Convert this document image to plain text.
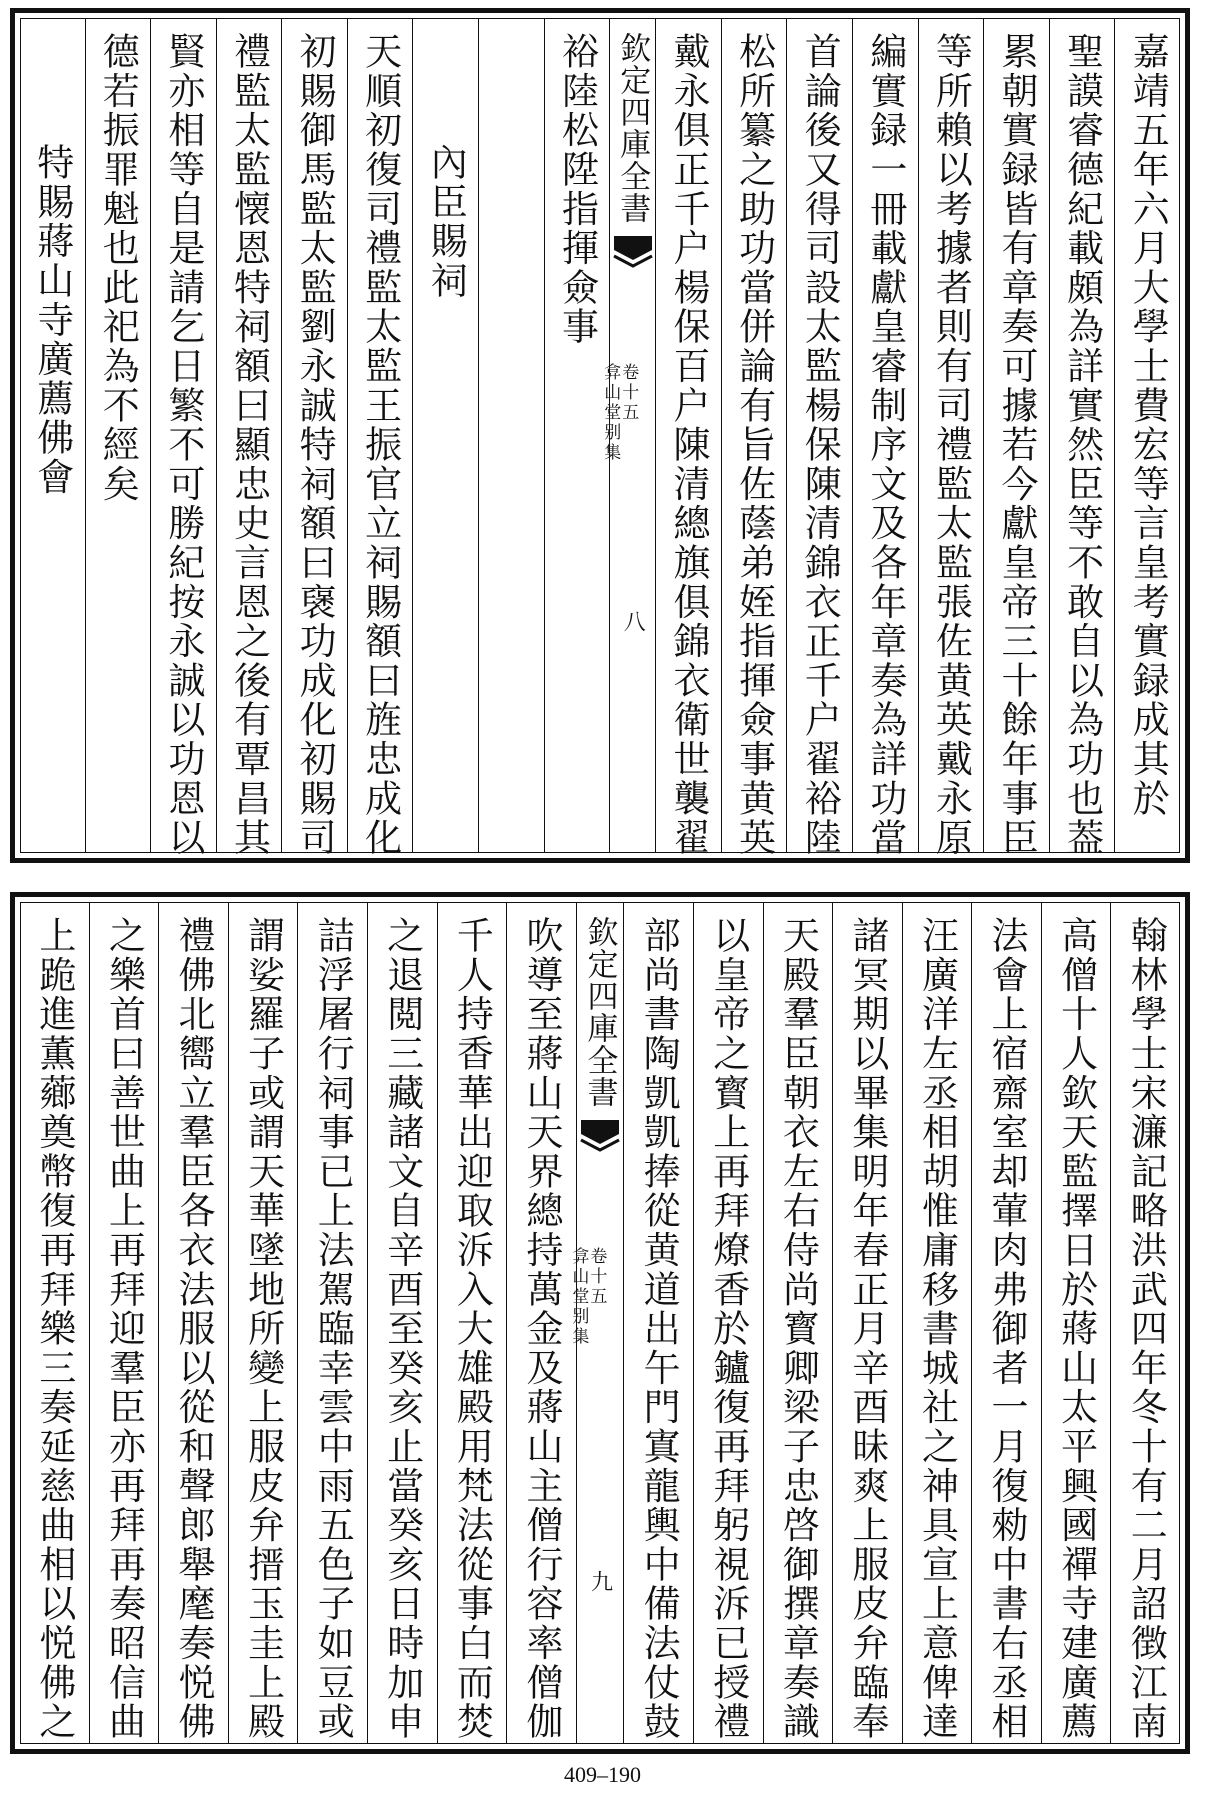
嘉靖五年六月大學士費宏等言皇考實録成其於
聖謨睿德紀載頗為詳實然臣等不敢自以為功也葢
累朝實録皆有章奏可據若今獻皇帝三十餘年事臣
等所賴以考據者則有司禮監太監張佐黄英戴永原
編實録一冊載獻皇睿制序文及各年章奏為詳功當
首論後又得司設太監楊保陳清錦衣正千户翟裕陸
松所纂之助功當併論有旨佐蔭弟姪指揮僉事黄英
戴永俱正千户楊保百户陳清總旗俱錦衣衛世襲翟
欽定四庫全書
弇山堂别集
卷十五
八
裕陸松陞指揮僉事
內臣賜祠
天順初復司禮監太監王振官立祠賜額曰旌忠成化
初賜御馬監太監劉永誠特祠額曰襃功成化初賜司
禮監太監懐恩特祠額曰顯忠史言恩之後有覃昌其
賢亦相等自是請乞日繁不可勝紀按永誠以功恩以
德若振罪魁也此祀為不經矣
特賜蔣山寺廣薦佛會
翰林學士宋濂記略洪武四年冬十有二月詔徴江南
高僧十人欽天監擇日於蔣山太平興國禪寺建廣薦
法會上宿齋室却葷肉弗御者一月復勑中書右丞相
汪廣洋左丞相胡惟庸移書城社之神具宣上意俾達
諸冥期以畢集明年春正月辛酉昧爽上服皮弁臨奉
天殿羣臣朝衣左右侍尚寳卿梁子忠啓御撰章奏識
以皇帝之寳上再拜燎香於鑪復再拜躬視泝已授禮
部尚書陶凱凱捧從黄道出午門寘龍輿中備法仗鼓
欽定四庫全書
弇山堂别集
卷十五
九
吹導至蔣山天界總持萬金及蔣山主僧行容率僧伽
千人持香華出迎取泝入大雄殿用梵法從事白而焚
之退閲三藏諸文自辛酉至癸亥止當癸亥日時加申
詰浮屠行祠事已上法駕臨幸雲中雨五色子如豆或
謂娑羅子或謂天華墜地所變上服皮弁搢玉圭上殿
禮佛北嚮立羣臣各衣法服以從和聲郎舉麾奏悦佛
之樂首曰善世曲上再拜迎羣臣亦再拜再奏昭信曲
上跪進薫薌奠幣復再拜樂三奏延慈曲相以悦佛之
409–190
